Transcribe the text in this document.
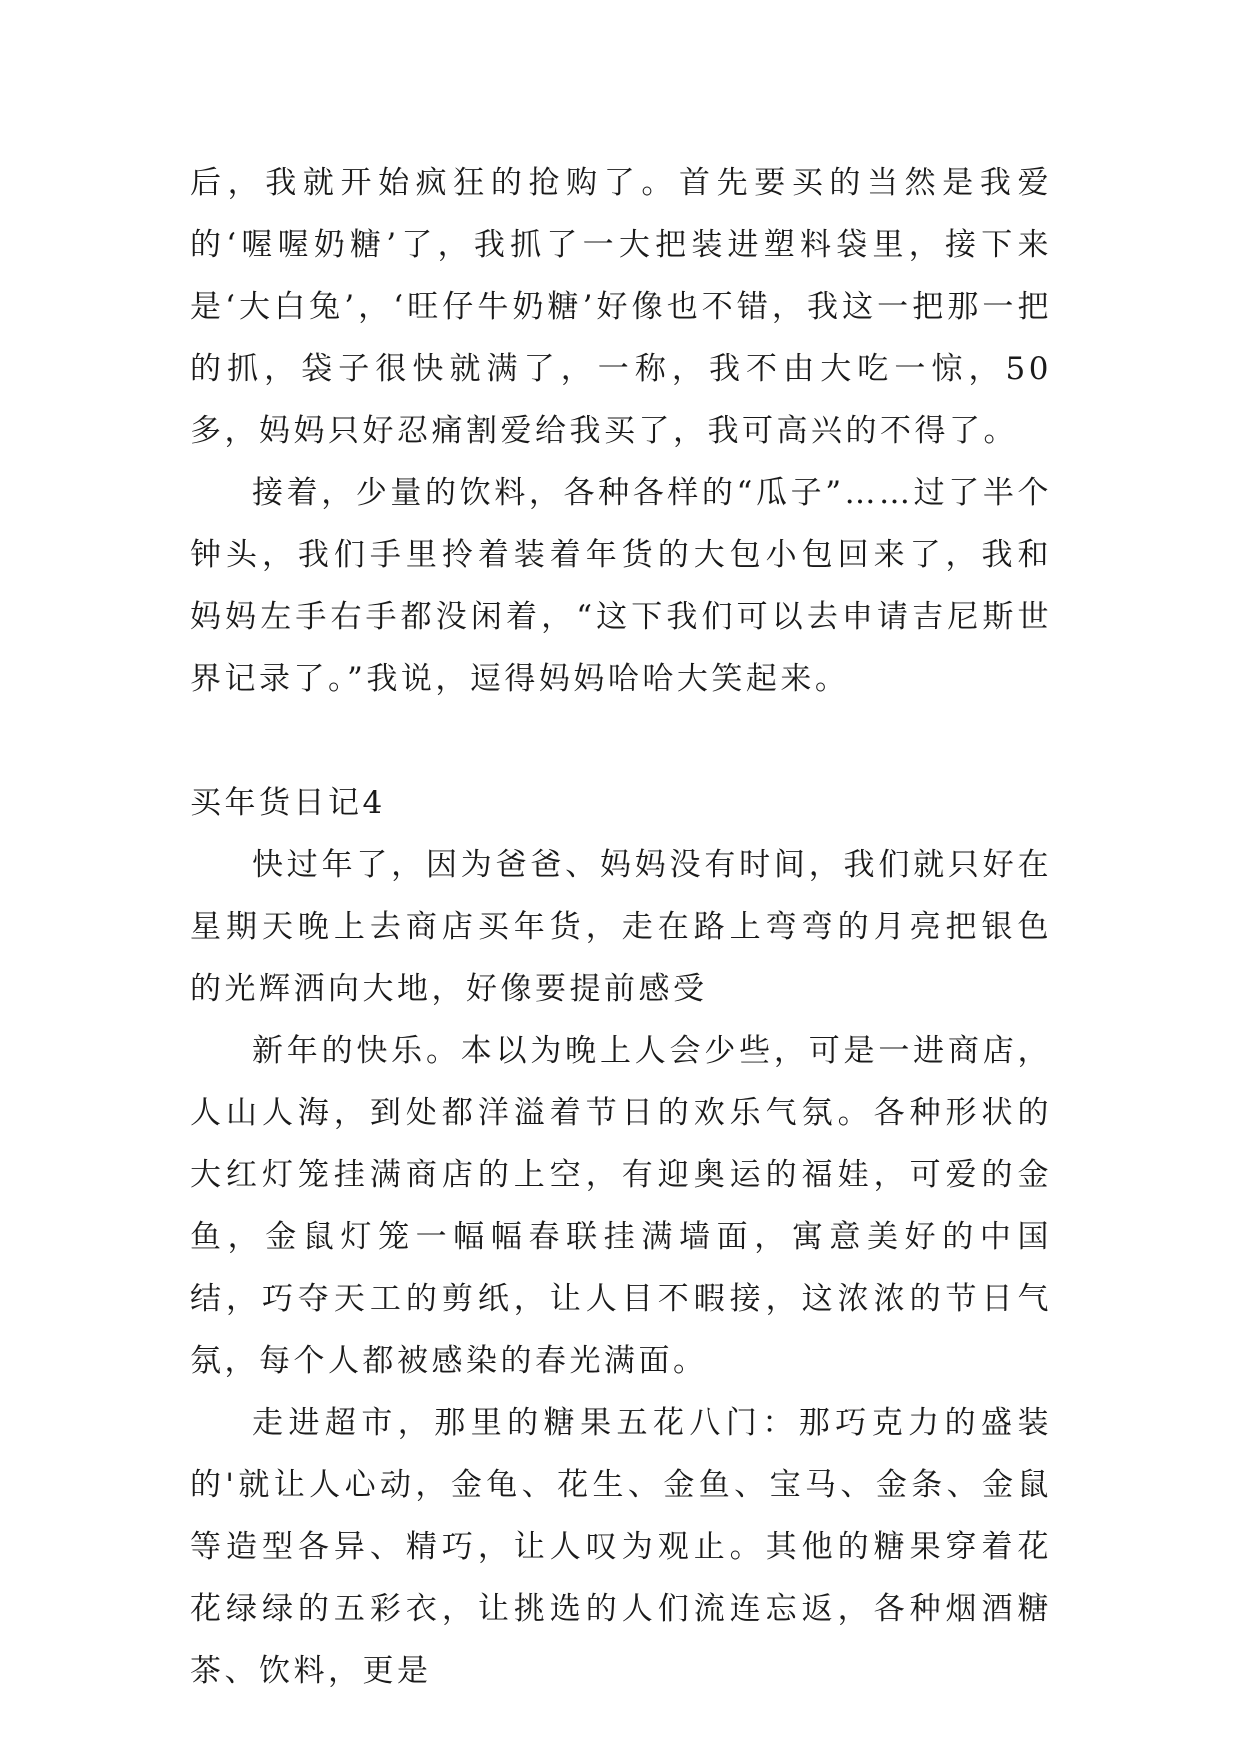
后，我就开始疯狂的抢购了。首先要买的当然是我爱的‘喔喔奶糖’了，我抓了一大把装进塑料袋里，接下来是‘大白兔’，‘旺仔牛奶糖’好像也不错，我这一把那一把的抓，袋子很快就满了，一称，我不由大吃一惊，50多，妈妈只好忍痛割爱给我买了，我可高兴的不得了。

接着，少量的饮料，各种各样的“瓜子”……过了半个钟头，我们手里拎着装着年货的大包小包回来了，我和妈妈左手右手都没闲着，“这下我们可以去申请吉尼斯世界记录了。”我说，逗得妈妈哈哈大笑起来。

买年货日记4

快过年了，因为爸爸、妈妈没有时间，我们就只好在星期天晚上去商店买年货，走在路上弯弯的月亮把银色的光辉洒向大地，好像要提前感受

新年的快乐。本以为晚上人会少些，可是一进商店，人山人海，到处都洋溢着节日的欢乐气氛。各种形状的大红灯笼挂满商店的上空，有迎奥运的福娃，可爱的金鱼，金鼠灯笼一幅幅春联挂满墙面，寓意美好的中国结，巧夺天工的剪纸，让人目不暇接，这浓浓的节日气氛，每个人都被感染的春光满面。

走进超市，那里的糖果五花八门：那巧克力的盛装的'就让人心动，金龟、花生、金鱼、宝马、金条、金鼠等造型各异、精巧，让人叹为观止。其他的糖果穿着花花绿绿的五彩衣，让挑选的人们流连忘返，各种烟酒糖茶、饮料，更是
